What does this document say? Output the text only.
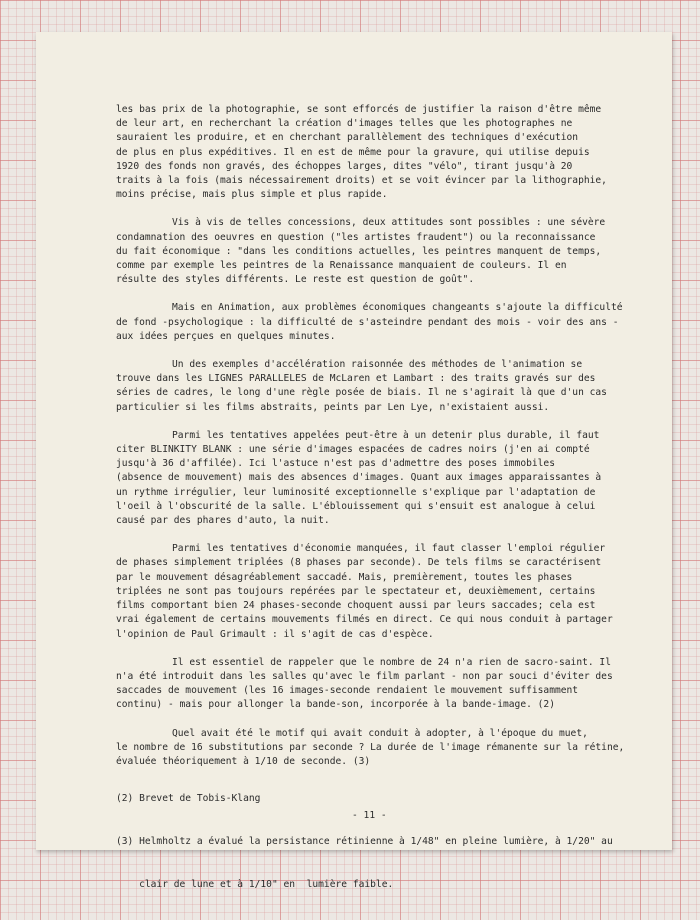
les bas prix de la photographie, se sont efforcés de justifier la raison d'être même

de leur art, en recherchant la création d'images telles que les photographes ne

sauraient les produire, et en cherchant parallèlement des techniques d'exécution

de plus en plus expéditives. Il en est de même pour la gravure, qui utilise depuis

1920 des fonds non gravés, des échoppes larges, dites "vélo", tirant jusqu'à 20

traits à la fois (mais nécessairement droits) et se voit évincer par la lithographie,

moins précise, mais plus simple et plus rapide.

Vis à vis de telles concessions, deux attitudes sont possibles : une sévère

condamnation des oeuvres en question ("les artistes fraudent") ou la reconnaissance

du fait économique : "dans les conditions actuelles, les peintres manquent de temps,

comme par exemple les peintres de la Renaissance manquaient de couleurs. Il en

résulte des styles différents. Le reste est question de goût".

Mais en Animation, aux problèmes économiques changeants s'ajoute la difficulté

de fond -psychologique : la difficulté de s'asteindre pendant des mois - voir des ans -

aux idées perçues en quelques minutes.

Un des exemples d'accélération raisonnée des méthodes de l'animation se

trouve dans les LIGNES PARALLELES de McLaren et Lambart : des traits gravés sur des

séries de cadres, le long d'une règle posée de biais. Il ne s'agirait là que d'un cas

particulier si les films abstraits, peints par Len Lye, n'existaient aussi.

Parmi les tentatives appelées peut-être à un detenir plus durable, il faut

citer BLINKITY BLANK : une série d'images espacées de cadres noirs (j'en ai compté

jusqu'à 36 d'affilée). Ici l'astuce n'est pas d'admettre des poses immobiles

(absence de mouvement) mais des absences d'images. Quant aux images apparaissantes à

un rythme irrégulier, leur luminosité exceptionnelle s'explique par l'adaptation de

l'oeil à l'obscurité de la salle. L'éblouissement qui s'ensuit est analogue à celui

causé par des phares d'auto, la nuit.

Parmi les tentatives d'économie manquées, il faut classer l'emploi régulier

de phases simplement triplées (8 phases par seconde). De tels films se caractérisent

par le mouvement désagréablement saccadé. Mais, premièrement, toutes les phases

triplées ne sont pas toujours repérées par le spectateur et, deuxièmement, certains

films comportant bien 24 phases-seconde choquent aussi par leurs saccades; cela est

vrai également de certains mouvements filmés en direct. Ce qui nous conduit à partager

l'opinion de Paul Grimault : il s'agit de cas d'espèce.

Il est essentiel de rappeler que le nombre de 24 n'a rien de sacro-saint. Il

n'a été introduit dans les salles qu'avec le film parlant - non par souci d'éviter des

saccades de mouvement (les 16 images-seconde rendaient le mouvement suffisamment

continu) - mais pour allonger la bande-son, incorporée à la bande-image. (2)

Quel avait été le motif qui avait conduit à adopter, à l'époque du muet,

le nombre de 16 substitutions par seconde ? La durée de l'image rémanente sur la rétine,

évaluée théoriquement à 1/10 de seconde. (3)

(2) Brevet de Tobis-Klang

(3) Helmholtz a évalué la persistance rétinienne à 1/48" en pleine lumière, à 1/20" au

clair de lune et à 1/10" en  lumière faible.

- 11 -
